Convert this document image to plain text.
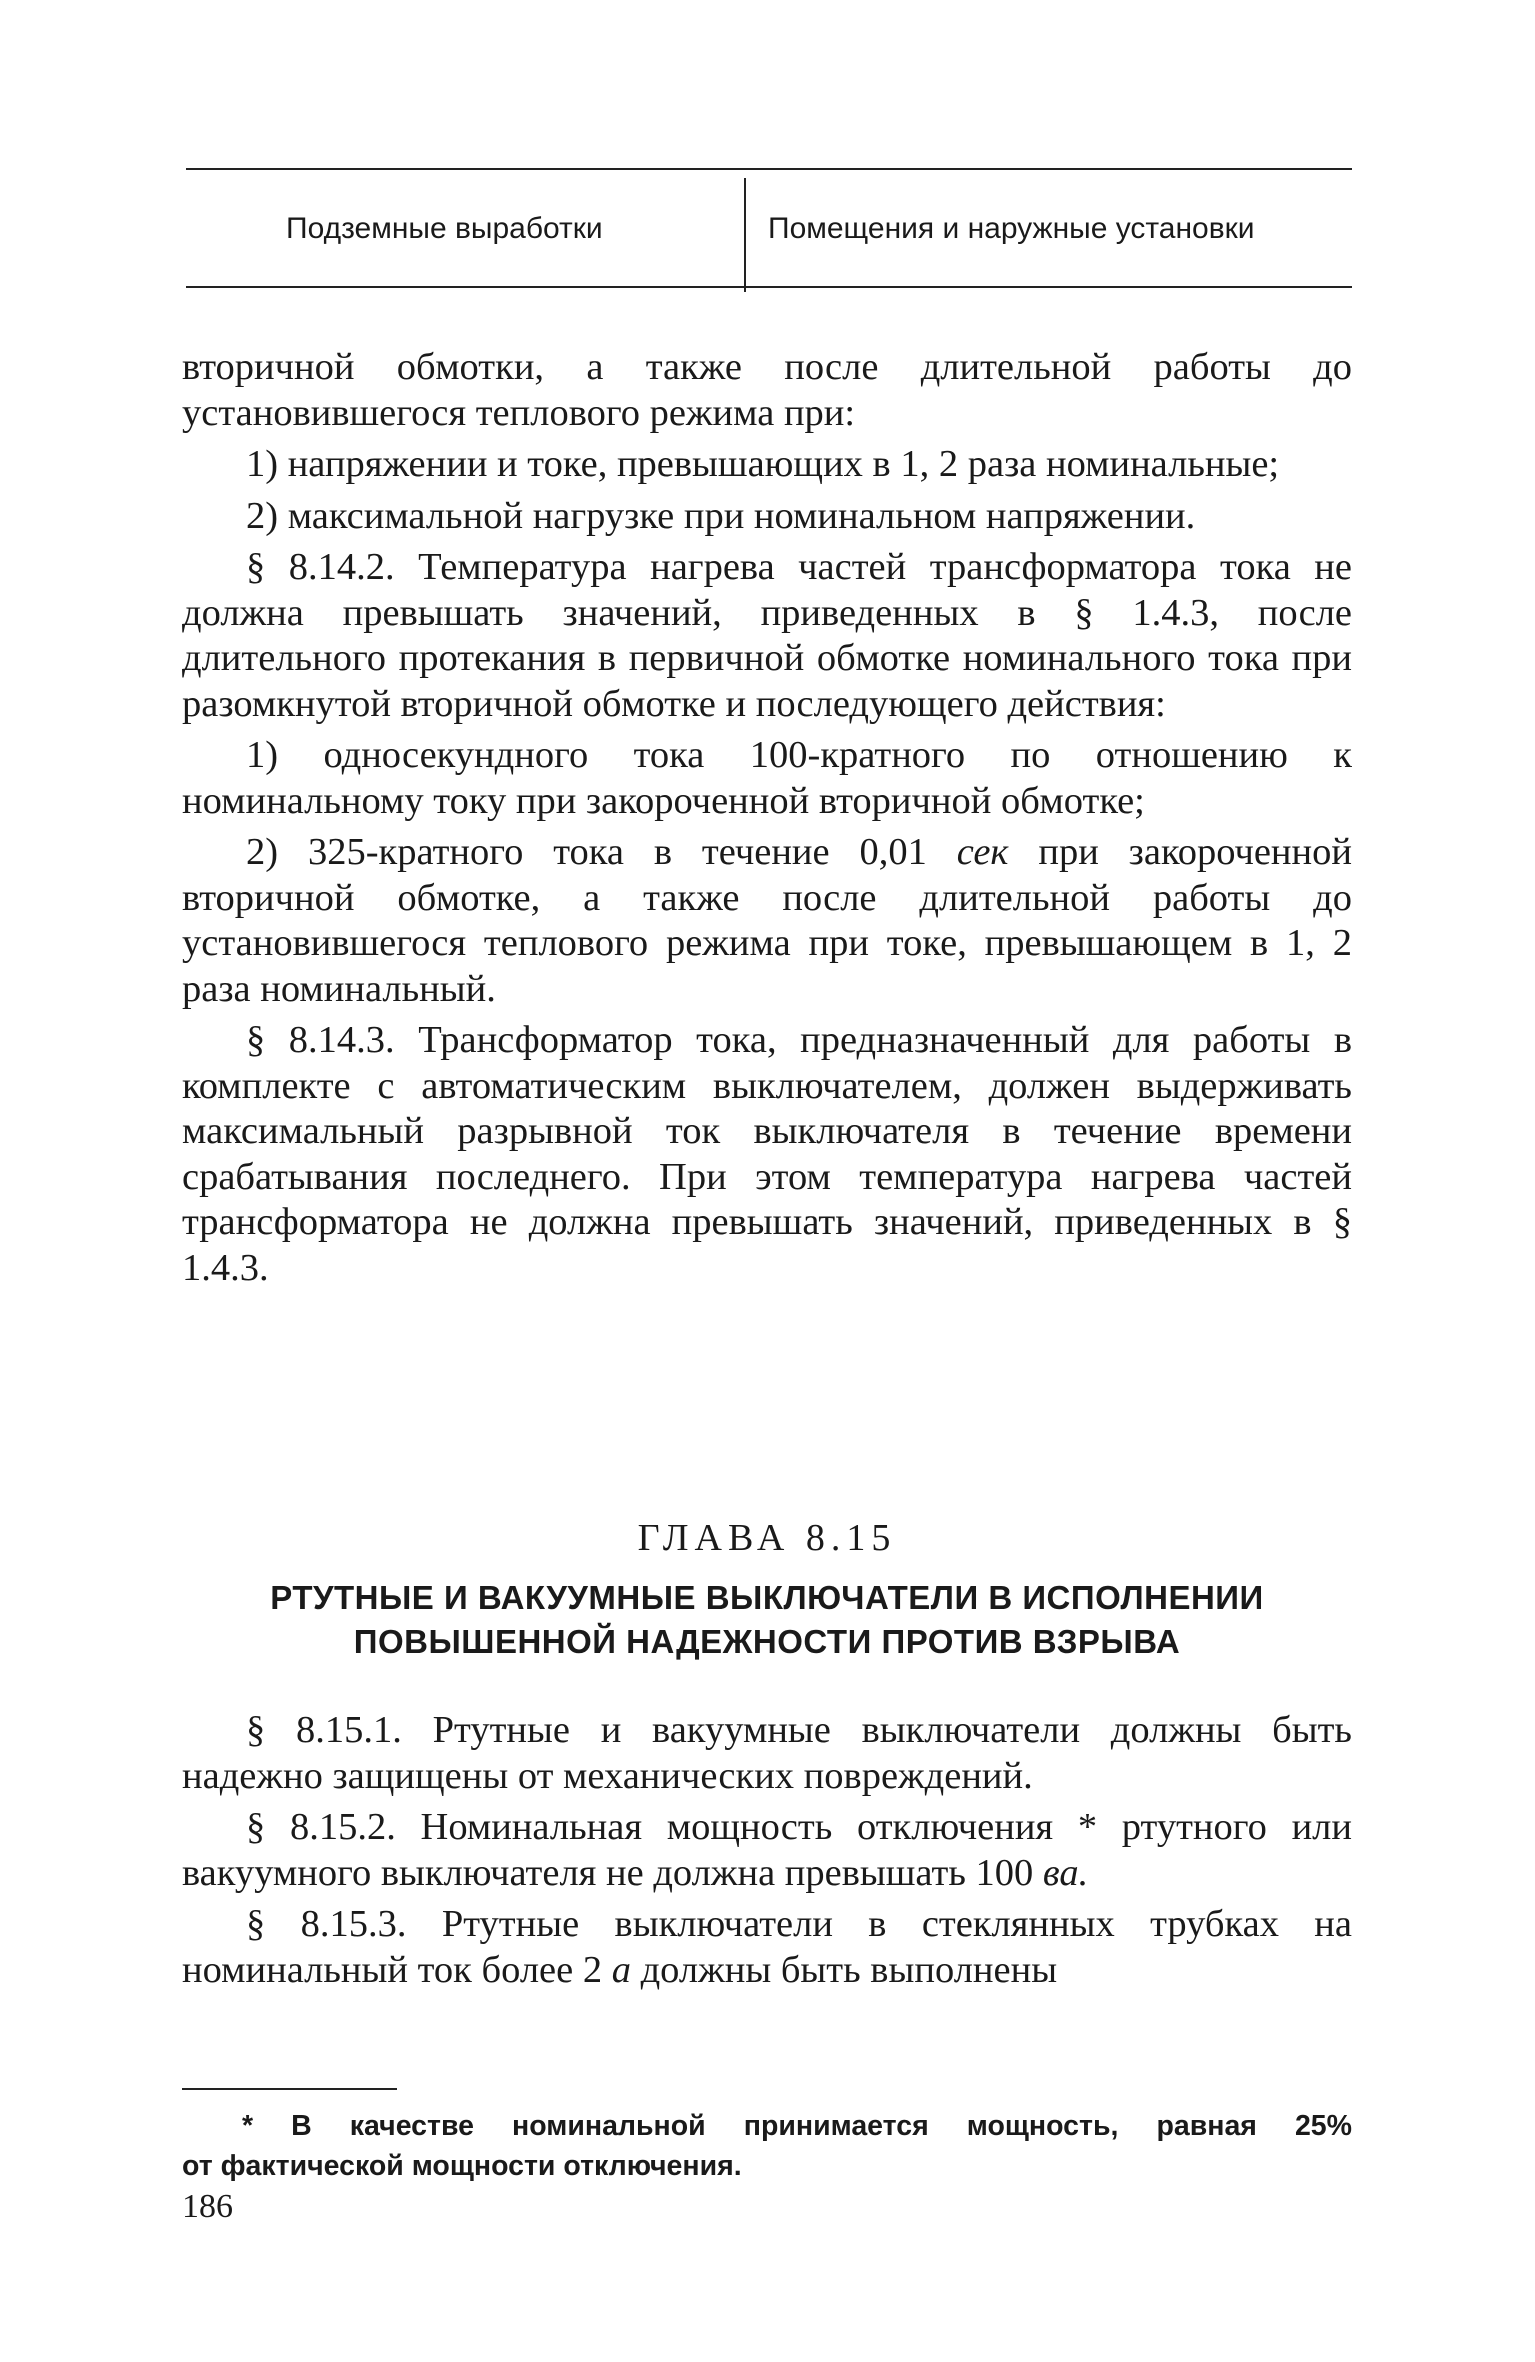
Подземные выработки	Помещения и наружные установки

вторичной обмотки, а также после длительной работы до установившегося теплового режима при:

1) напряжении и токе, превышающих в 1, 2 раза номинальные;

2) максимальной нагрузке при номинальном напряжении.

§ 8.14.2. Температура нагрева частей трансформатора тока не должна превышать значений, приведенных в § 1.4.3, после длительного протекания в первичной обмотке номинального тока при разомкнутой вторичной обмотке и последующего действия:

1) односекундного тока 100-кратного по отношению к номинальному току при закороченной вторичной обмотке;

2) 325-кратного тока в течение 0,01 сек при закороченной вторичной обмотке, а также после длительной работы до установившегося теплового режима при токе, превышающем в 1, 2 раза номинальный.

§ 8.14.3. Трансформатор тока, предназначенный для работы в комплекте с автоматическим выключателем, должен выдерживать максимальный разрывной ток выключателя в течение времени срабатывания последнего. При этом температура нагрева частей трансформатора не должна превышать значений, приведенных в § 1.4.3.

ГЛАВА 8.15

РТУТНЫЕ И ВАКУУМНЫЕ ВЫКЛЮЧАТЕЛИ В ИСПОЛНЕНИИ
ПОВЫШЕННОЙ НАДЕЖНОСТИ ПРОТИВ ВЗРЫВА

§ 8.15.1. Ртутные и вакуумные выключатели должны быть надежно защищены от механических повреждений.

§ 8.15.2. Номинальная мощность отключения * ртутного или вакуумного выключателя не должна превышать 100 ва.

§ 8.15.3. Ртутные выключатели в стеклянных трубках на номинальный ток более 2 а должны быть выполнены

* В качестве номинальной принимается мощность, равная 25%
от фактической мощности отключения.

186
